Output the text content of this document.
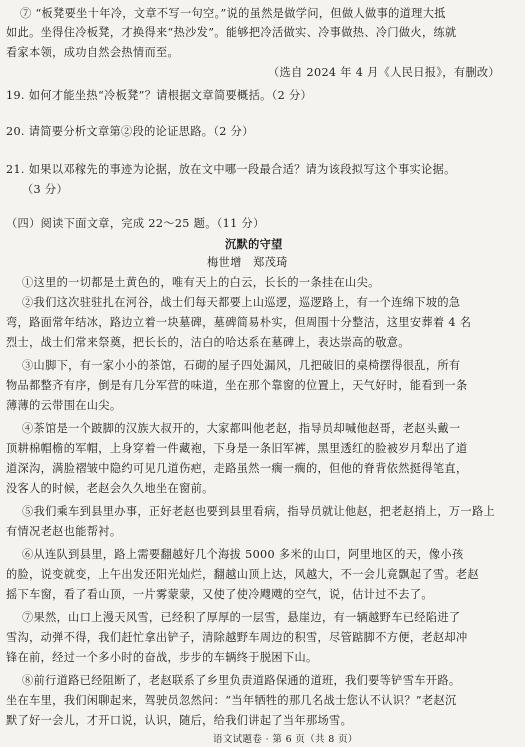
⑦ “板凳要坐十年冷，文章不写一句空。”说的虽然是做学问，但做人做事的道理大抵
如此。坐得住冷板凳，才换得来“热沙发”。能够把冷活做实、冷事做热、冷门做火，练就
看家本领，成功自然会热情而至。
（选自 2024 年 4 月《人民日报》，有删改）
19. 如何才能坐热“冷板凳”？请根据文章简要概括。（2 分）
20. 请简要分析文章第②段的论证思路。（2 分）
21. 如果以邓稼先的事迹为论据，放在文中哪一段最合适？请为该段拟写这个事实论据。
（3 分）
（四）阅读下面文章，完成 22～25 题。（11 分）
沉默的守望
梅世增　郑茂琦
①这里的一切都是土黄色的，唯有天上的白云，长长的一条挂在山尖。
②我们这次驻驻扎在河谷，战士们每天都要上山巡逻，巡逻路上，有一个连绵下坡的急
弯，路面常年结冰，路边立着一块墓碑，墓碑简易朴实，但周围十分整洁，这里安葬着 4 名
烈士，战士们常来祭奠，把长长的，洁白的哈达系在墓碑上，表达崇高的敬意。
③山脚下，有一家小小的茶馆，石砌的屋子四处漏风，几把破旧的桌椅摆得很乱，所有
物品都整齐有序，倒是有几分军营的味道，坐在那个靠窗的位置上，天气好时，能看到一条
薄薄的云带围在山尖。
④茶馆是一个跛脚的汉族大叔开的，大家都叫他老赵，指导员却喊他赵哥，老赵头戴一
顶耕棉帽檐的军帽，上身穿着一件藏袍，下身是一条旧军裤，黑里透红的脸被岁月犁出了道
道深沟，满脸褶皱中隐约可见几道伤疤，走路虽然一瘸一瘸的，但他的脊背依然挺得笔直，
没客人的时候，老赵会久久地坐在窗前。
⑤我们乘车到县里办事，正好老赵也要到县里看病，指导员就让他赵，把老赵捎上，万一路上
有情况老赵也能帮衬。
⑥从连队到县里，路上需要翻越好几个海拔 5000 多米的山口，阿里地区的天，像小孩
的脸，说变就变，上午出发还阳光灿烂，翻越山顶上达，风越大，不一会儿竟飘起了雪。老赵
摇下车窗，看了看山顶，一片雾蒙蒙，又使了使冷飕飕的空气，说，估计过不去了。
⑦果然，山口上漫天风雪，已经积了厚厚的一层雪，悬崖边，有一辆越野车已经陷进了
雪沟，动弹不得，我们赶忙拿出铲子，清除越野车周边的积雪，尽管踮脚不方便，老赵却冲
锋在前，经过一个多小时的奋战，步步的车辆终于脱困下山。
⑧前行道路已经阻断了，老赵联系了乡里负责道路保通的道班，我们要等铲雪车开路。
坐在车里，我们闲聊起来，驾驶员忽然问：“当年牺牲的那几名战士您认不认识？”老赵沉
默了好一会儿，才开口说，认识，随后，给我们讲起了当年那场雪。
语文试题卷 · 第 6 页（共 8 页）
